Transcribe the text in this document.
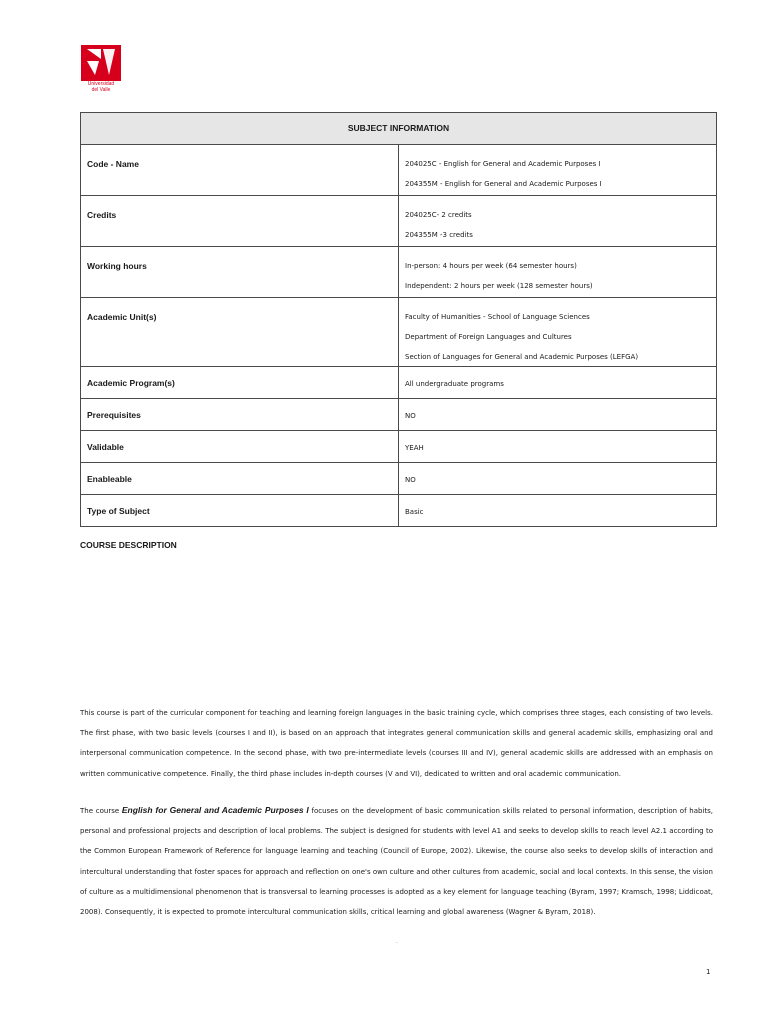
Universidad
del Valle
SUBJECT INFORMATION	
Code - Name	204025C - English for General and Academic Purposes I
204355M - English for General and Academic Purposes I

Credits	204025C- 2 credits
204355M -3 credits

Working hours	In-person: 4 hours per week (64 semester hours)
Independent: 2 hours per week (128 semester hours)

Academic Unit(s)	Faculty of Humanities - School of Language Sciences
Department of Foreign Languages and Cultures
Section of Languages for General and Academic Purposes (LEFGA)

Academic Program(s)	All undergraduate programs

Prerequisites	NO

Validable	YEAH

Enableable	NO

Type of Subject	Basic
COURSE DESCRIPTION

This course is part of the curricular component for teaching and learning foreign languages in the basic training cycle, which comprises three stages, each consisting of two levels. The first phase, with two basic levels (courses I and II), is based on an approach that integrates general communication skills and general academic skills, emphasizing oral and interpersonal communication competence. In the second phase, with two pre-intermediate levels (courses III and IV), general academic skills are addressed with an emphasis on written communicative competence. Finally, the third phase includes in-depth courses (V and VI), dedicated to written and oral academic communication.

The course English for General and Academic Purposes I focuses on the development of basic communication skills related to personal information, description of habits, personal and professional projects and description of local problems. The subject is designed for students with level A1 and seeks to develop skills to reach level A2.1 according to the Common European Framework of Reference for language learning and teaching (Council of Europe, 2002). Likewise, the course also seeks to develop skills of interaction and intercultural understanding that foster spaces for approach and reflection on one's own culture and other cultures from academic, social and local contexts. In this sense, the vision of culture as a multidimensional phenomenon that is transversal to learning processes is adopted as a key element for language teaching (Byram, 1997; Kramsch, 1998; Liddicoat, 2008). Consequently, it is expected to promote intercultural communication skills, critical learning and global awareness (Wagner & Byram, 2018).

.
1
